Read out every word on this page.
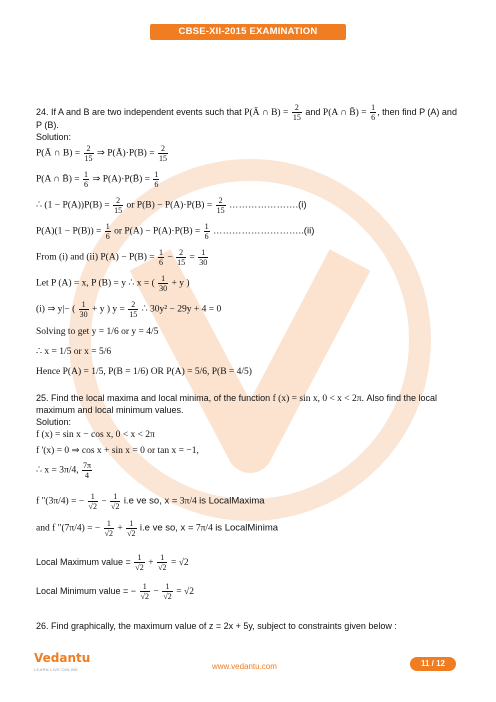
CBSE-XII-2015 EXAMINATION
24. If A and B are two independent events such that P(Ā ∩ $B) = \frac{2}{15}$ and P(A ∩ B̄) = $\frac{1}{6}$ , then find P (A) and
P (B).
Solution:
P(Ā ∩ $B) = \frac{2}{15}$ ⇒ P(Ā)·P(B) = $\frac{2}{15}$
P(A ∩ B̄) = $\frac{1}{6}$ ⇒ P(A)·P(B̄) = $\frac{1}{6}$
∴ $(1 - P(A))P(B) = \frac{2}{15}$ or $P(B) - P(A)\cdot P(B) = \frac{2}{15}$ ………………….(i)
$P(A)(1 - P(B)) = \frac{1}{6}$ or $P(A) - P(A)\cdot P(B) = \frac{1}{6}$ ………………………..(ii)
From (i) and (ii) $P(A) - P(B) = \frac{1}{6} - \frac{2}{15} = \frac{1}{30}$
Let P (A) = x, P (B) = y ∴ x = ( $\frac{1}{30} + y$ )
(i) ⇒ y|− ( $\frac{1}{30} + y$ ) $y = \frac{2}{15}$ ∴ 30y² − 29y + 4 = 0
Solving to get y = 1/6 or y = 4/5
∴ x = 1/5 or x = 5/6
Hence P(A) = 1/5, P(B = 1/6) OR P(A) = 5/6, P(B = 4/5)
25. Find the local maxima and local minima, of the function f (x) = sin x, 0 < x < 2π. Also find the local
maximum and local minimum values.
Solution:
f (x) = sin x − cos x, 0 < x < 2π
f '(x) = 0 ⇒ cos x + sin x = 0 or tan x = −1,
∴ x = 3π/4, $\frac{7\pi}{4}$
f "(3π/4) = − $\frac{1}{√2} - \frac{1}{√2} i.e$ ve so, x = 3π/4 is LocalMaxima
and f "(7π/4) = − $\frac{1}{√2} + \frac{1}{√2} i.e$ ve so, x = 7π/4 is LocalMinima
Local Maximum value = $\frac{1}{√2} + \frac{1}{√2} = √2$
Local Minimum value = − $\frac{1}{√2} - \frac{1}{√2} = √2$
26. Find graphically, the maximum value of z = 2x + 5y, subject to constraints given below :
Vedantu
LEARN LIVE ONLINE	www.vedantu.com	11 / 12
